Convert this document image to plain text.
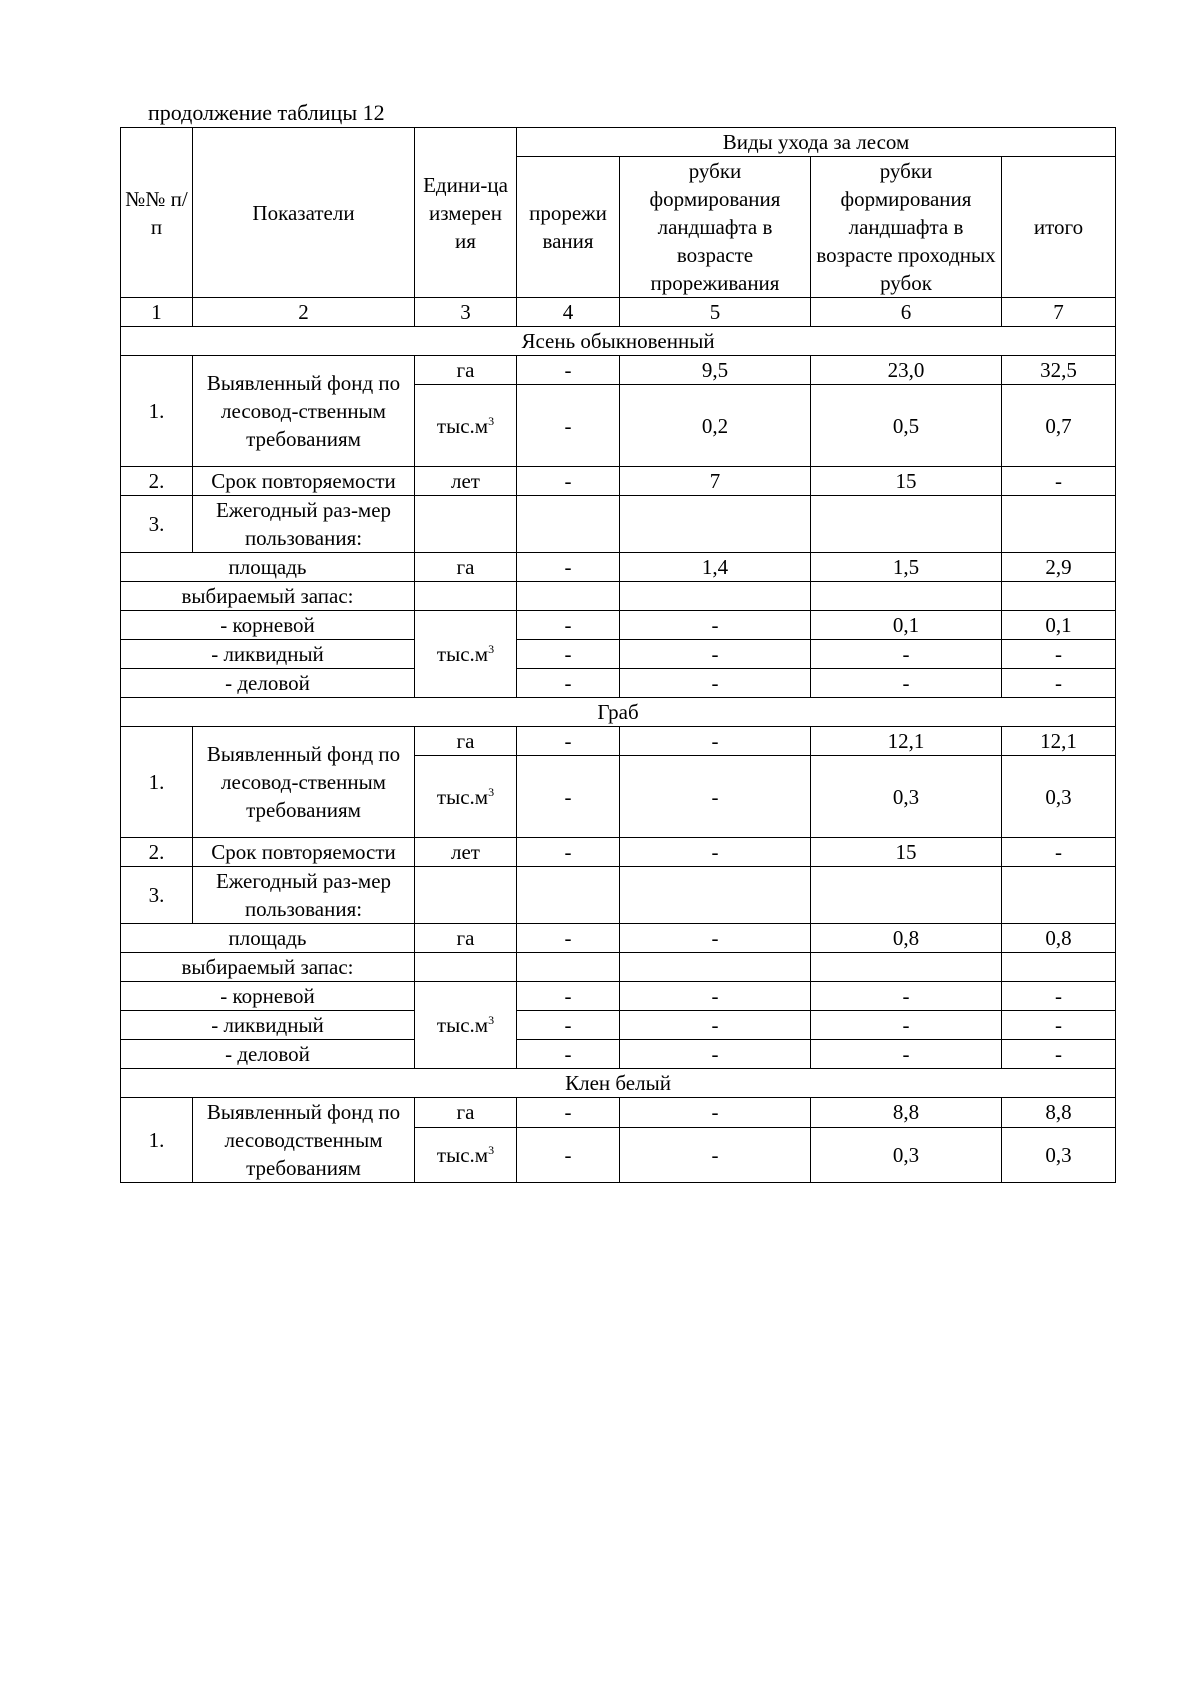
продолжение таблицы 12
№№ п/п	Показатели	Едини-ца измерен ия	Виды ухода за лесом			
			прорежи вания	рубки формирования ландшафта в возрасте прореживания	рубки формирования ландшафта в возрасте проходных рубок	итого
1	2	3	4	5	6	7
Ясень обыкновенный						
1.	Выявленный фонд по лесовод-ственным требованиям	га	-	9,5	23,0	32,5
		$тыс.м^3$	-	0,2	0,5	0,7
2.	Срок повторяемости	лет	-	7	15	-
3.	Ежегодный раз-мер пользования:					
площадь		га	-	1,4	1,5	2,9
выбираемый запас:						
- корневой		$тыс.м^3$	-	-	0,1	0,1
- ликвидный			-	-	-	-
- деловой			-	-	-	-
Граб						
1.	Выявленный фонд по лесовод-ственным требованиям	га	-	-	12,1	12,1
		$тыс.м^3$	-	-	0,3	0,3
2.	Срок повторяемости	лет	-	-	15	-
3.	Ежегодный раз-мер пользования:					
площадь		га	-	-	0,8	0,8
выбираемый запас:						
- корневой		$тыс.м^3$	-	-	-	-
- ликвидный			-	-	-	-
- деловой			-	-	-	-
Клен белый						
1.	Выявленный фонд по лесоводственным требованиям	га	-	-	8,8	8,8
		$тыс.м^3$	-	-	0,3	0,3
